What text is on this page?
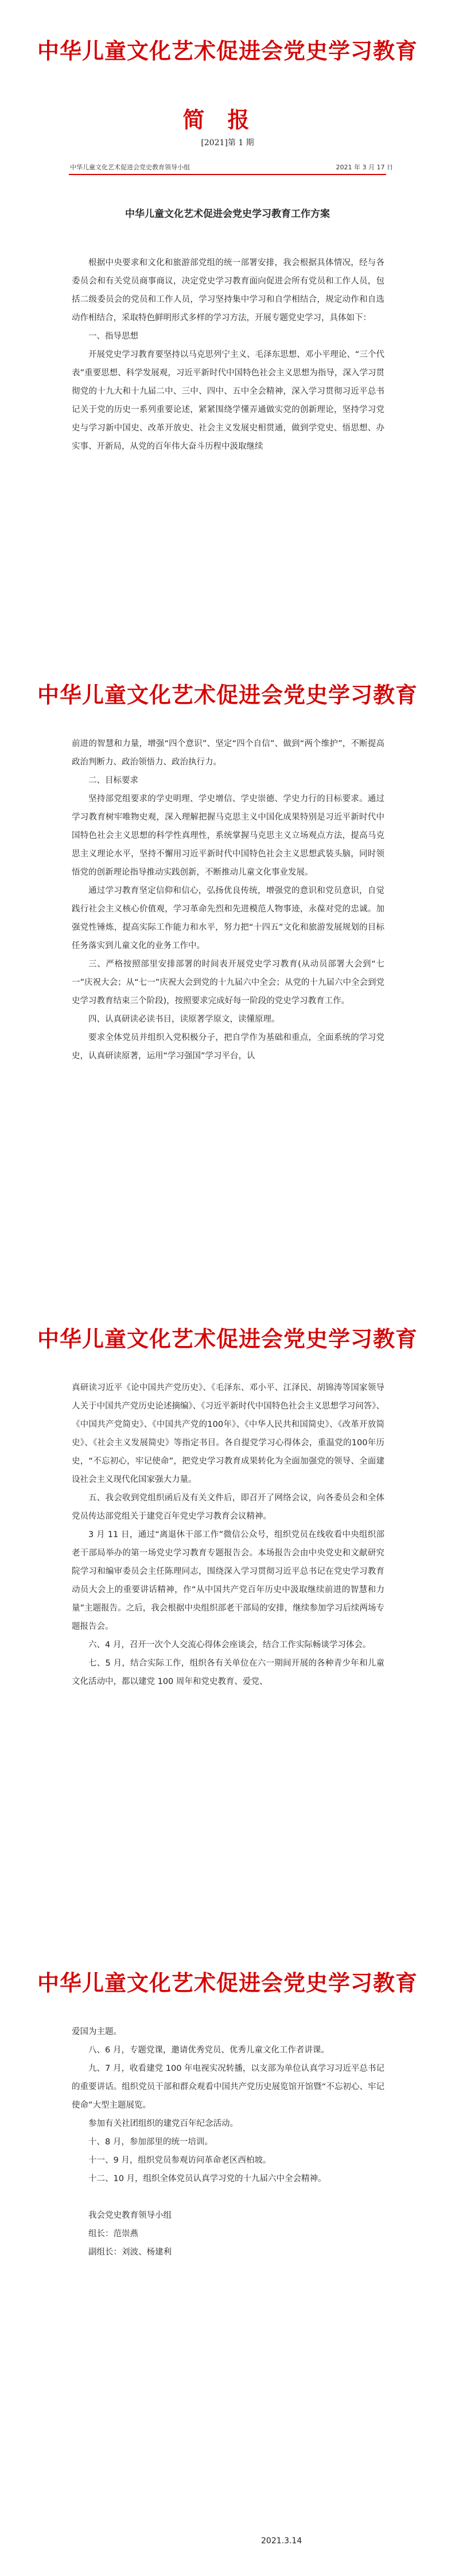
中华儿童文化艺术促进会党史学习教育
简报
[2021]第 1 期
中华儿童文化艺术促进会党史教育领导小组	2021 年 3 月 17 日
中华儿童文化艺术促进会党史学习教育工作方案

根据中央要求和文化和旅游部党组的统一部署安排，我会根据具体情况，经与各委员会和有关党员商事商议，决定党史学习教育面向促进会所有党员和工作人员，包括二级委员会的党员和工作人员，学习坚持集中学习和自学相结合，规定动作和自选动作相结合，采取特色鲜明形式多样的学习方法，开展专题党史学习，具体如下：

一、指导思想

开展党史学习教育要坚持以马克思列宁主义、毛泽东思想、邓小平理论、“三个代表”重要思想、科学发展观，习近平新时代中国特色社会主义思想为指导，深入学习贯彻党的十九大和十九届二中、三中、四中、五中全会精神，深入学习贯彻习近平总书记关于党的历史一系列重要论述，紧紧围绕学懂弄通做实党的创新理论，坚持学习党史与学习新中国史、改革开放史、社会主义发展史相贯通，做到学党史、悟思想、办实事、开新局，从党的百年伟大奋斗历程中汲取继续

中华儿童文化艺术促进会党史学习教育

前进的智慧和力量，增强“四个意识”、坚定“四个自信”、做到“两个维护”，不断提高政治判断力、政治领悟力、政治执行力。

二、目标要求

坚持部党组要求的学史明理、学史增信、学史崇德、学史力行的目标要求。通过学习教育树牢唯物史观，深入理解把握马克思主义中国化成果特别是习近平新时代中国特色社会主义思想的科学性真理性，系统掌握马克思主义立场观点方法，提高马克思主义理论水平，坚持不懈用习近平新时代中国特色社会主义思想武装头脑，同时领悟党的创新理论指导推动实践创新，不断推动儿童文化事业发展。

通过学习教育坚定信仰和信心，弘扬优良传统，增强党的意识和党员意识，自觉践行社会主义核心价值观，学习革命先烈和先进模范人物事迹，永葆对党的忠诚。加强党性锤炼，提高实际工作能力和水平，努力把“十四五”文化和旅游发展规划的目标任务落实到儿童文化的业务工作中。

三、严格按照部里安排部署的时间表开展党史学习教育(从动员部署大会到“七一”庆祝大会；从“七一”庆祝大会到党的十九届六中全会；从党的十九届六中全会到党史学习教育结束三个阶段)，按照要求完成好每一阶段的党史学习教育工作。

四、认真研读必读书目，读原著学原文，读懂原理。

要求全体党员并组织入党积极分子，把自学作为基础和重点，全面系统的学习党史，认真研读原著，运用“学习强国”学习平台，认

中华儿童文化艺术促进会党史学习教育

真研读习近平《论中国共产党历史》、《毛泽东、邓小平、江泽民、胡锦涛等国家领导人关于中国共产党历史论述摘编》、《习近平新时代中国特色社会主义思想学习问答》、《中国共产党简史》、《中国共产党的100年》、《中华人民共和国简史》、《改革开放简史》、《社会主义发展简史》等指定书目。各自提党学习心得体会，重温党的100年历史，“不忘初心，牢记使命”，把党史学习教育成果转化为全面加强党的领导、全面建设社会主义现代化国家强大力量。

五、我会收到党组织函后及有关文件后，即召开了网络会议，向各委员会和全体党员传达部党组关于建党百年党史学习教育会议精神。

3 月 11 日，通过“离退休干部工作”微信公众号，组织党员在线收看中央组织部老干部局举办的第一场党史学习教育专题报告会。本场报告会由中央党史和文献研究院学习和编审委员会主任陈理同志，围绕深入学习贯彻习近平总书记在党史学习教育动员大会上的重要讲话精神，作“从中国共产党百年历史中汲取继续前进的智慧和力量”主题报告。之后，我会根据中央组织部老干部局的安排，继续参加学习后续两场专题报告会。

六、4 月，召开一次个人交流心得体会座谈会，结合工作实际畅谈学习体会。

七、5 月，结合实际工作，组织各有关单位在六一期间开展的各种青少年和儿童文化活动中，都以建党 100 周年和党史教育、爱党、

中华儿童文化艺术促进会党史学习教育

爱国为主题。

八、6 月，专题党课，邀请优秀党员、优秀儿童文化工作者讲课。

九、7 月，收看建党 100 年电视实况转播，以支部为单位认真学习习近平总书记的重要讲话。组织党员干部和群众观看中国共产党历史展览馆开馆暨“不忘初心、牢记使命”大型主题展览。

参加有关社团组织的建党百年纪念活动。

十、8 月，参加部里的统一培训。

十一、9 月，组织党员参观访问革命老区西柏坡。

十二、10 月，组织全体党员认真学习党的十九届六中全会精神。

我会党史教育领导小组

组长：范崇燕

副组长：刘波、杨建利

2021.3.14
